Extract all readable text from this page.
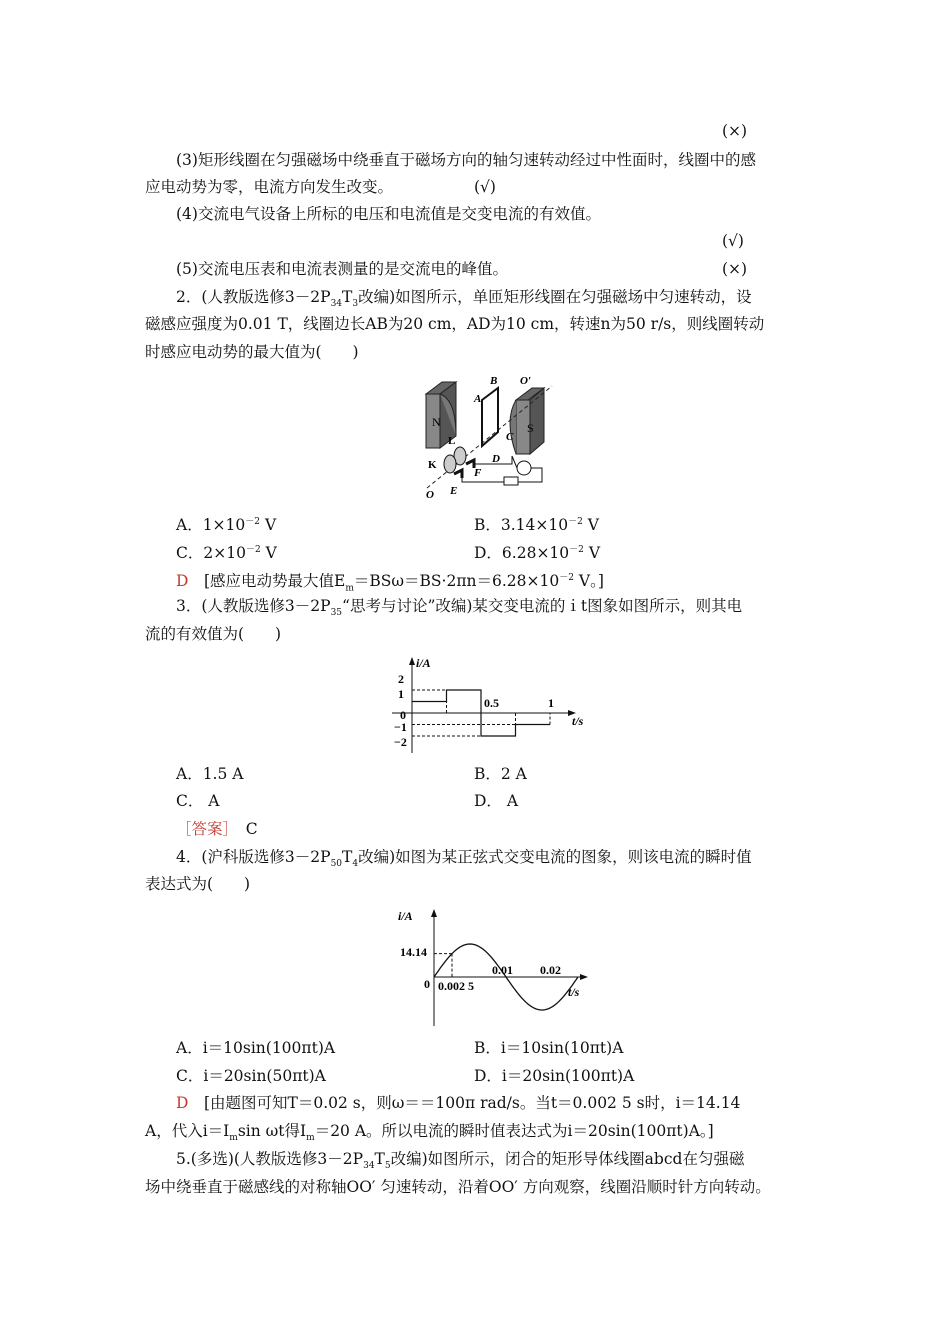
(×)
(3)矩形线圈在匀强磁场中绕垂直于磁场方向的轴匀速转动经过中性面时，线圈中的感
应电动势为零，电流方向发生改变。	(√)
(4)交流电气设备上所标的电压和电流值是交变电流的有效值。
(√)
(5)交流电压表和电流表测量的是交流电的峰值。	(×)
2．(人教版选修$3-2P_{34}T_3$改编)如图所示，单匝矩形线圈在匀强磁场中匀速转动，设
磁感应强度为0.01 T，线圈边长AB为20 cm，AD为10 cm，转速n为50 r/s，则线圈转动
时感应电动势的最大值为(　　)
N	S
B O′
A
C
D
L
F
K
E
O
A．$1\times 10^{-2}$ V	B．$3.14\times 10^{-2}$ V
C．$2\times 10^{-2}$ V	D．$6.28\times 10^{-2}$ V
D　 [感应电动势最大值$E_m=BS\omega=BS\cdot 2\pi n=6.28\times 10^{-2}$ V。]
3．(人教版选修$3-2P_{35}“$思考与讨论”改编)某交变电流的ｉt图象如图所示，则其电
流的有效值为(　　)
i/A
t/s
2
1
0
−1
−2
0.5	1
A．1.5 A	B．2 A
C． A	D． A
［答案］　 C
4．(沪科版选修$3-2P_{50}T_4$改编)如图为某正弦式交变电流的图象，则该电流的瞬时值
表达式为(　　)
i/A
t/s
14.14
0 0.002 5
0.01 0.02
A．i＝10sin(100πt)A	B．i＝10sin(10πt)A
C．i＝20sin(50πt)A	D．i＝20sin(100πt)A
D　 [由题图可知T＝0.02 s，则ω＝＝100π rad/s。当t＝0.002 5 s时，i＝14.14
A，代入$i=I_m\sin$ ωt得$I_m=20$ A。所以电流的瞬时值表达式为i＝20sin(100πt)A。]
5.(多选)(人教版选修$3-2P_{34}T_5$改编)如图所示，闭合的矩形导体线圈abcd在匀强磁
场中绕垂直于磁感线的对称轴OO′ 匀速转动，沿着OO′ 方向观察，线圈沿顺时针方向转动。
